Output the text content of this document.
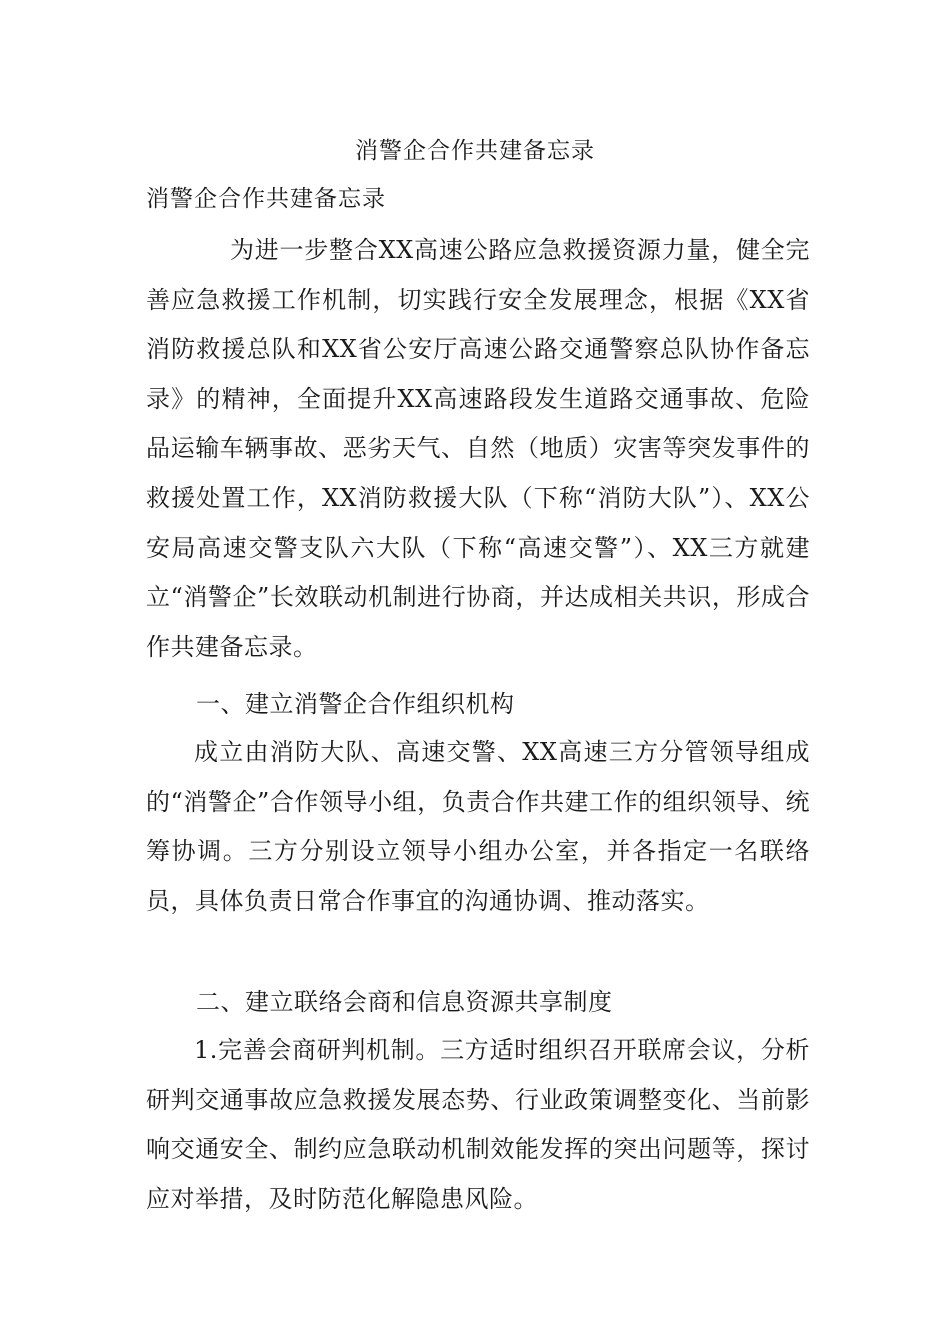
消警企合作共建备忘录
消警企合作共建备忘录
为进一步整合XX高速公路应急救援资源力量，健全完善应急救援工作机制，切实践行安全发展理念，根据《XX省消防救援总队和XX省公安厅高速公路交通警察总队协作备忘录》的精神，全面提升XX高速路段发生道路交通事故、危险品运输车辆事故、恶劣天气、自然（地质）灾害等突发事件的救援处置工作，XX消防救援大队（下称“消防大队”）、XX公安局高速交警支队六大队（下称“高速交警”）、XX三方就建立“消警企”长效联动机制进行协商，并达成相关共识，形成合作共建备忘录。
一、建立消警企合作组织机构
成立由消防大队、高速交警、XX高速三方分管领导组成的“消警企”合作领导小组，负责合作共建工作的组织领导、统筹协调。三方分别设立领导小组办公室，并各指定一名联络员，具体负责日常合作事宜的沟通协调、推动落实。
二、建立联络会商和信息资源共享制度
1.完善会商研判机制。三方适时组织召开联席会议，分析研判交通事故应急救援发展态势、行业政策调整变化、当前影响交通安全、制约应急联动机制效能发挥的突出问题等，探讨应对举措，及时防范化解隐患风险。
